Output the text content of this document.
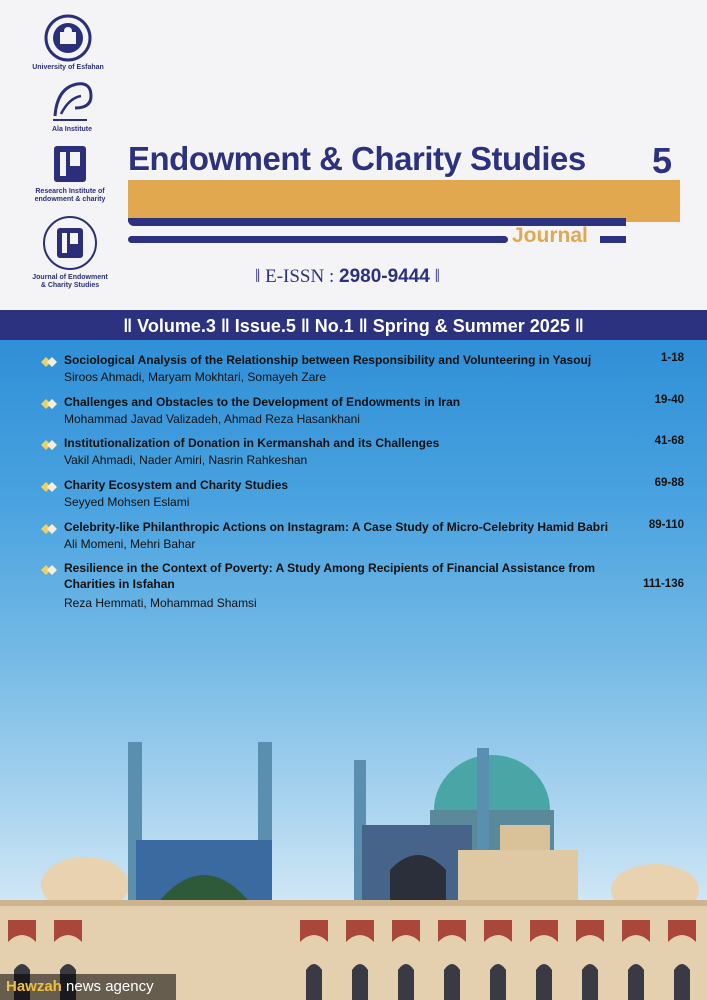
University of Esfahan
Ala Institute
Research Institute of
endowment & charity
Journal of Endowment
& Charity Studies
Endowment & Charity Studies 5
Journal
‖ E-ISSN : 2980-9444 ‖
‖ Volume.3 ‖ Issue.5 ‖ No.1 ‖ Spring & Summer 2025 ‖
Sociological Analysis of the Relationship between Responsibility and Volunteering in Yasouj	1-18
Siroos Ahmadi, Maryam Mokhtari, Somayeh Zare
Challenges and Obstacles to the Development of Endowments in Iran	19-40
Mohammad Javad Valizadeh, Ahmad Reza Hasankhani
Institutionalization of Donation in Kermanshah and its Challenges	41-68
Vakil Ahmadi, Nader Amiri, Nasrin Rahkeshan
Charity Ecosystem and Charity Studies	69-88
Seyyed Mohsen Eslami
Celebrity-like Philanthropic Actions on Instagram: A Case Study of Micro-Celebrity Hamid Babri	89-110
Ali Momeni, Mehri Bahar
Resilience in the Context of Poverty: A Study Among Recipients of Financial Assistance from Charities in Isfahan	111-136
Reza Hemmati, Mohammad Shamsi
Hawzah news agency
